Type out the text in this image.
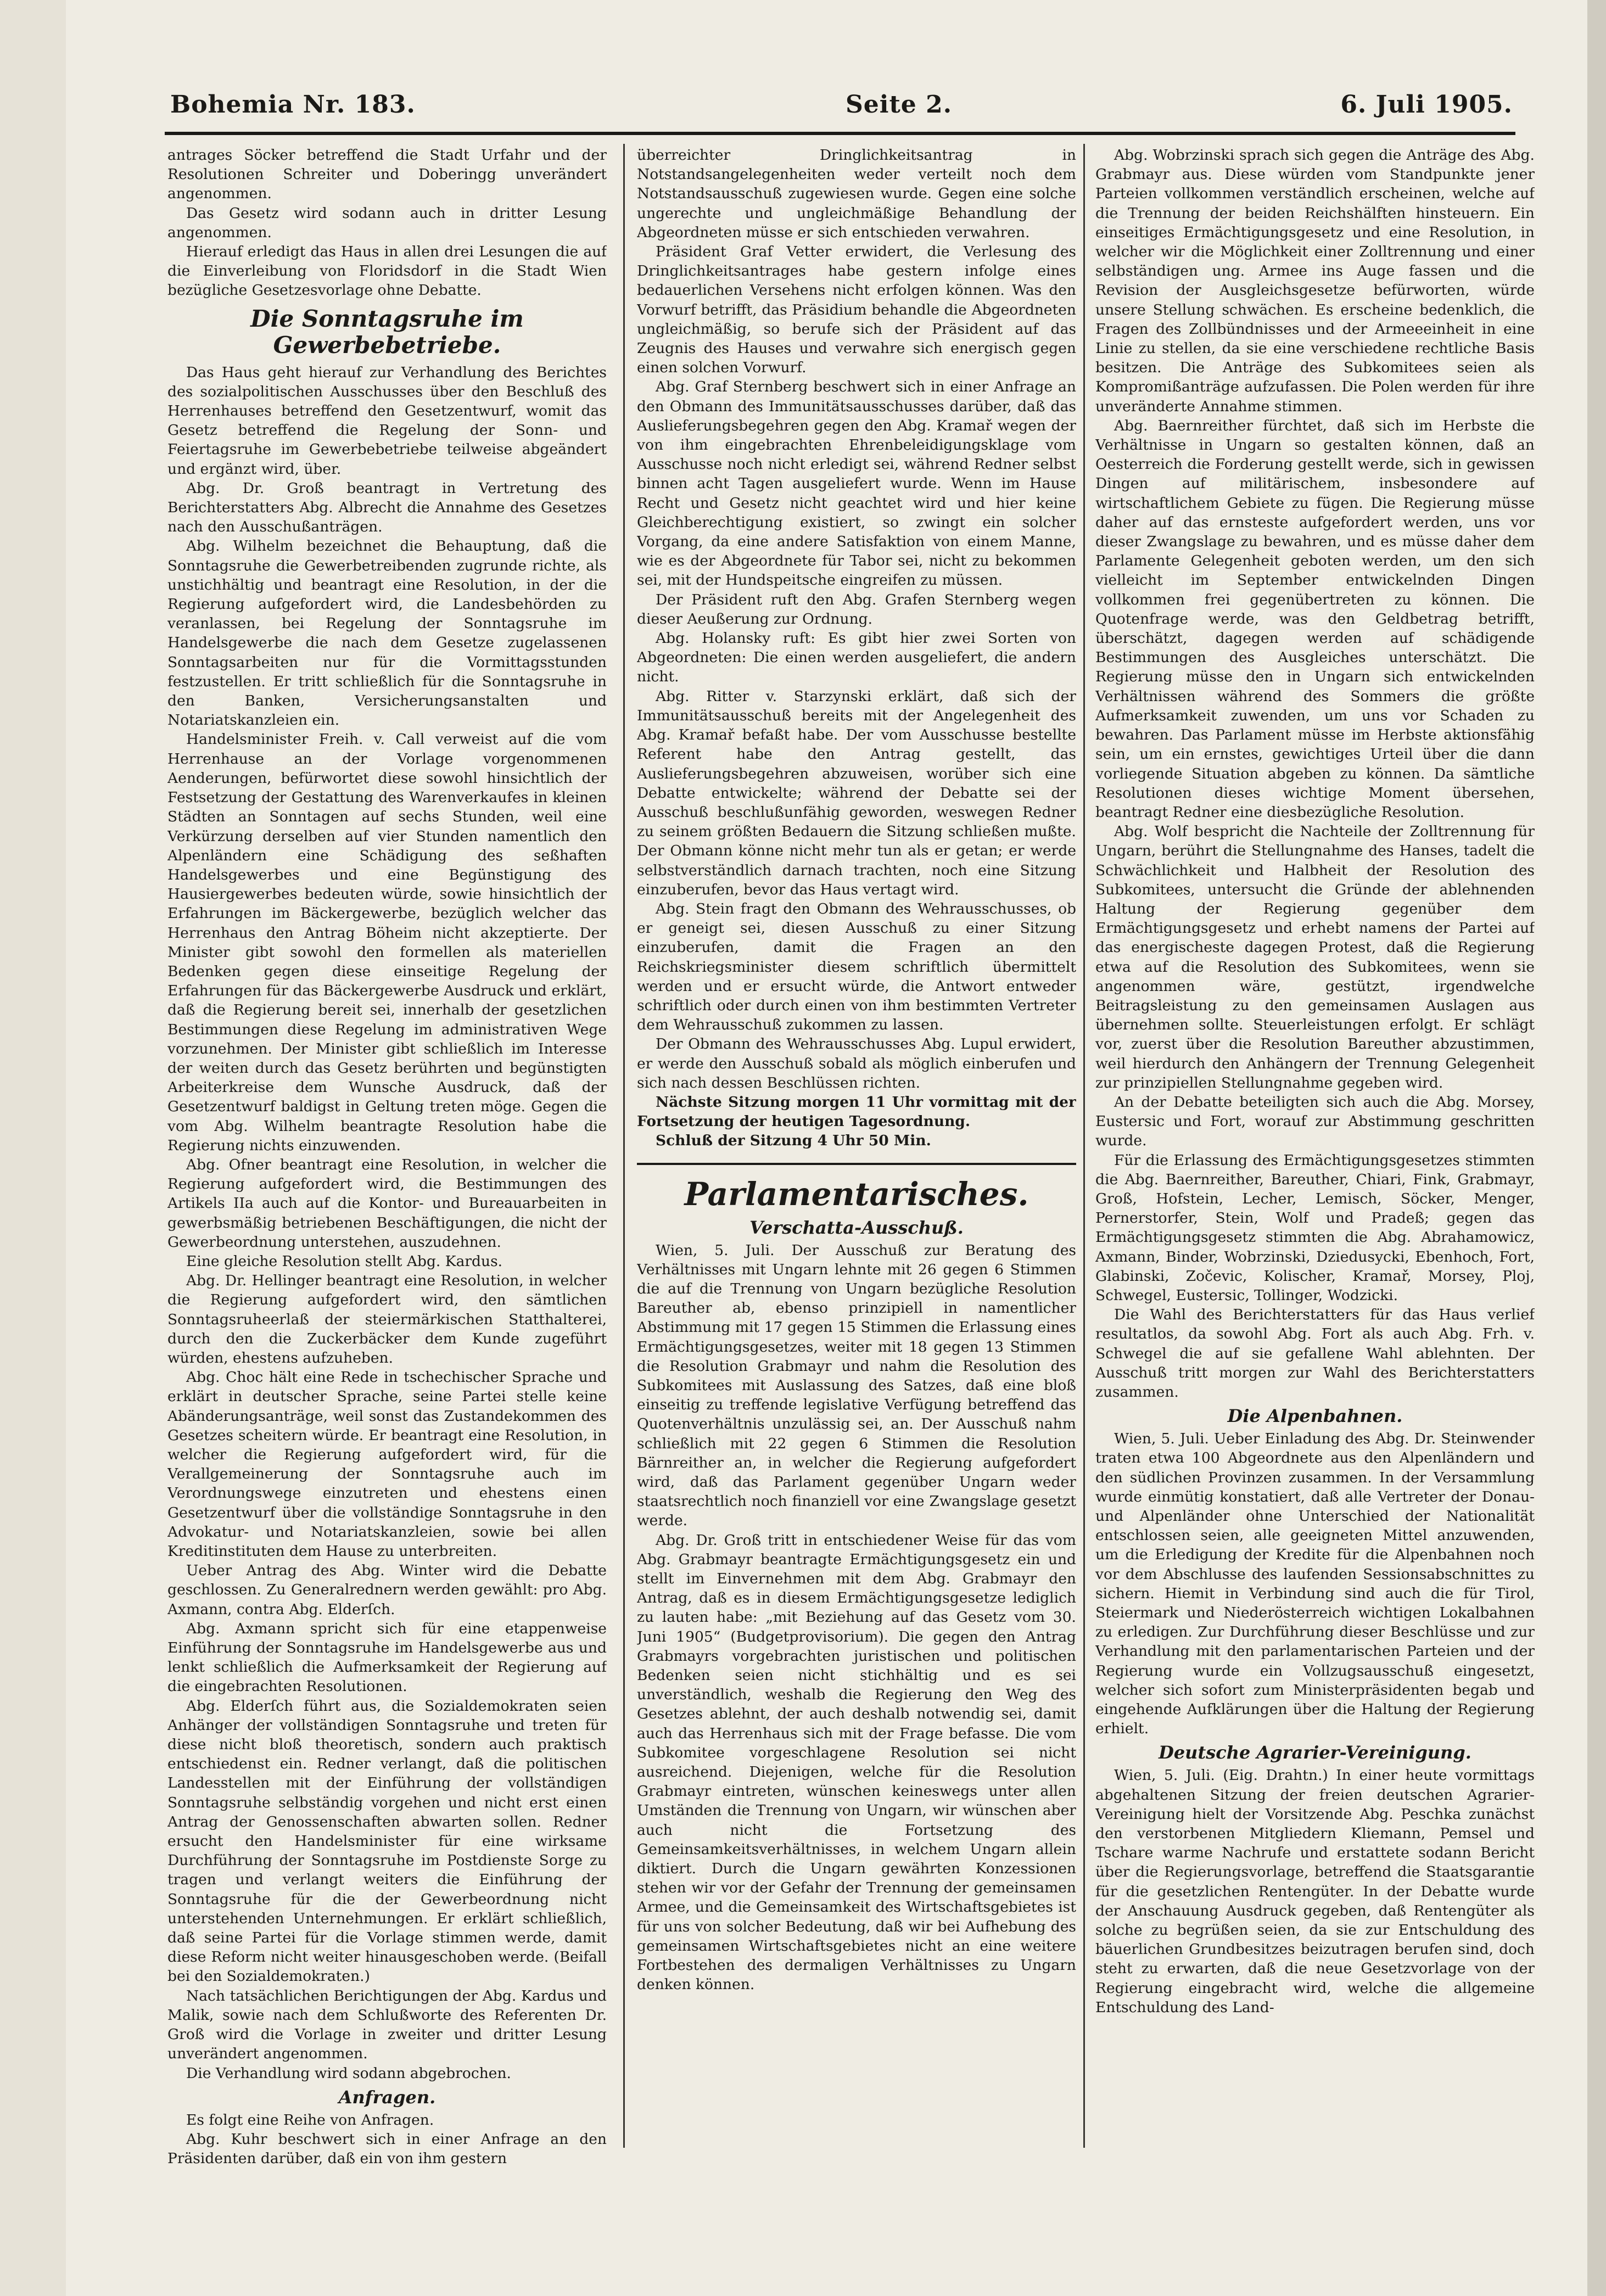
Bohemia Nr. 183.	Seite 2.	6. Juli 1905.

antrages Söcker betreffend die Stadt Urfahr und der Resolutionen Schreiter und Doberingg unverändert angenommen.

Das Gesetz wird sodann auch in dritter Lesung angenommen.

Hierauf erledigt das Haus in allen drei Lesungen die auf die Einverleibung von Floridsdorf in die Stadt Wien bezügliche Gesetzesvorlage ohne Debatte.

Die Sonntagsruhe im Gewerbebetriebe.

Das Haus geht hierauf zur Verhandlung des Berichtes des sozialpolitischen Ausschusses über den Beschluß des Herrenhauses betreffend den Gesetzentwurf, womit das Gesetz betreffend die Regelung der Sonn- und Feiertagsruhe im Gewerbebetriebe teilweise abgeändert und ergänzt wird, über.

Abg. Dr. Groß beantragt in Vertretung des Berichterstatters Abg. Albrecht die Annahme des Gesetzes nach den Ausschußanträgen.

Abg. Wilhelm bezeichnet die Behauptung, daß die Sonntagsruhe die Gewerbetreibenden zugrunde richte, als unstichhältig und beantragt eine Resolution, in der die Regierung aufgefordert wird, die Landesbehörden zu veranlassen, bei Regelung der Sonntagsruhe im Handelsgewerbe die nach dem Gesetze zugelassenen Sonntagsarbeiten nur für die Vormittagsstunden festzustellen. Er tritt schließlich für die Sonntagsruhe in den Banken, Versicherungsanstalten und Notariatskanzleien ein.

Handelsminister Freih. v. Call verweist auf die vom Herrenhause an der Vorlage vorgenommenen Aenderungen, befürwortet diese sowohl hinsichtlich der Festsetzung der Gestattung des Warenverkaufes in kleinen Städten an Sonntagen auf sechs Stunden, weil eine Verkürzung derselben auf vier Stunden namentlich den Alpenländern eine Schädigung des seßhaften Handelsgewerbes und eine Begünstigung des Hausiergewerbes bedeuten würde, sowie hinsichtlich der Erfahrungen im Bäckergewerbe, bezüglich welcher das Herrenhaus den Antrag Böheim nicht akzeptierte. Der Minister gibt sowohl den formellen als materiellen Bedenken gegen diese einseitige Regelung der Erfahrungen für das Bäckergewerbe Ausdruck und erklärt, daß die Regierung bereit sei, innerhalb der gesetzlichen Bestimmungen diese Regelung im administrativen Wege vorzunehmen. Der Minister gibt schließlich im Interesse der weiten durch das Gesetz berührten und begünstigten Arbeiterkreise dem Wunsche Ausdruck, daß der Gesetzentwurf baldigst in Geltung treten möge. Gegen die vom Abg. Wilhelm beantragte Resolution habe die Regierung nichts einzuwenden.

Abg. Ofner beantragt eine Resolution, in welcher die Regierung aufgefordert wird, die Bestimmungen des Artikels IIa auch auf die Kontor- und Bureauarbeiten in gewerbsmäßig betriebenen Beschäftigungen, die nicht der Gewerbeordnung unterstehen, auszudehnen.

Eine gleiche Resolution stellt Abg. Kardus.

Abg. Dr. Hellinger beantragt eine Resolution, in welcher die Regierung aufgefordert wird, den sämtlichen Sonntagsruheerlaß der steiermärkischen Statthalterei, durch den die Zuckerbäcker dem Kunde zugeführt würden, ehestens aufzuheben.

Abg. Choc hält eine Rede in tschechischer Sprache und erklärt in deutscher Sprache, seine Partei stelle keine Abänderungsanträge, weil sonst das Zustandekommen des Gesetzes scheitern würde. Er beantragt eine Resolution, in welcher die Regierung aufgefordert wird, für die Verallgemeinerung der Sonntagsruhe auch im Verordnungswege einzutreten und ehestens einen Gesetzentwurf über die vollständige Sonntagsruhe in den Advokatur- und Notariatskanzleien, sowie bei allen Kreditinstituten dem Hause zu unterbreiten.

Ueber Antrag des Abg. Winter wird die Debatte geschlossen. Zu Generalrednern werden gewählt: pro Abg. Axmann, contra Abg. Elderſch.

Abg. Axmann spricht sich für eine etappenweise Einführung der Sonntagsruhe im Handelsgewerbe aus und lenkt schließlich die Aufmerksamkeit der Regierung auf die eingebrachten Resolutionen.

Abg. Elderſch führt aus, die Sozialdemokraten seien Anhänger der vollständigen Sonntagsruhe und treten für diese nicht bloß theoretisch, sondern auch praktisch entschiedenst ein. Redner verlangt, daß die politischen Landesstellen mit der Einführung der vollständigen Sonntagsruhe selbständig vorgehen und nicht erst einen Antrag der Genossenschaften abwarten sollen. Redner ersucht den Handelsminister für eine wirksame Durchführung der Sonntagsruhe im Postdienste Sorge zu tragen und verlangt weiters die Einführung der Sonntagsruhe für die der Gewerbeordnung nicht unterstehenden Unternehmungen. Er erklärt schließlich, daß seine Partei für die Vorlage stimmen werde, damit diese Reform nicht weiter hinausgeschoben werde. (Beifall bei den Sozialdemokraten.)

Nach tatsächlichen Berichtigungen der Abg. Kardus und Malik, sowie nach dem Schlußworte des Referenten Dr. Groß wird die Vorlage in zweiter und dritter Lesung unverändert angenommen.

Die Verhandlung wird sodann abgebrochen.

Anfragen.

Es folgt eine Reihe von Anfragen.

Abg. Kuhr beschwert sich in einer Anfrage an den Präsidenten darüber, daß ein von ihm gestern

überreichter Dringlichkeitsantrag in Notstandsangelegenheiten weder verteilt noch dem Notstandsausschuß zugewiesen wurde. Gegen eine solche ungerechte und ungleichmäßige Behandlung der Abgeordneten müsse er sich entschieden verwahren.

Präsident Graf Vetter erwidert, die Verlesung des Dringlichkeitsantrages habe gestern infolge eines bedauerlichen Versehens nicht erfolgen können. Was den Vorwurf betrifft, das Präsidium behandle die Abgeordneten ungleichmäßig, so berufe sich der Präsident auf das Zeugnis des Hauses und verwahre sich energisch gegen einen solchen Vorwurf.

Abg. Graf Sternberg beschwert sich in einer Anfrage an den Obmann des Immunitätsausschusses darüber, daß das Auslieferungsbegehren gegen den Abg. Kramař wegen der von ihm eingebrachten Ehrenbeleidigungsklage vom Ausschusse noch nicht erledigt sei, während Redner selbst binnen acht Tagen ausgeliefert wurde. Wenn im Hause Recht und Gesetz nicht geachtet wird und hier keine Gleichberechtigung existiert, so zwingt ein solcher Vorgang, da eine andere Satisfaktion von einem Manne, wie es der Abgeordnete für Tabor sei, nicht zu bekommen sei, mit der Hundspeitsche eingreifen zu müssen.

Der Präsident ruft den Abg. Grafen Sternberg wegen dieser Aeußerung zur Ordnung.

Abg. Holansky ruft: Es gibt hier zwei Sorten von Abgeordneten: Die einen werden ausgeliefert, die andern nicht.

Abg. Ritter v. Starzynski erklärt, daß sich der Immunitätsausschuß bereits mit der Angelegenheit des Abg. Kramař befaßt habe. Der vom Ausschusse bestellte Referent habe den Antrag gestellt, das Auslieferungsbegehren abzuweisen, worüber sich eine Debatte entwickelte; während der Debatte sei der Ausschuß beschlußunfähig geworden, weswegen Redner zu seinem größten Bedauern die Sitzung schließen mußte. Der Obmann könne nicht mehr tun als er getan; er werde selbstverständlich darnach trachten, noch eine Sitzung einzuberufen, bevor das Haus vertagt wird.

Abg. Stein fragt den Obmann des Wehrausschusses, ob er geneigt sei, diesen Ausschuß zu einer Sitzung einzuberufen, damit die Fragen an den Reichskriegsminister diesem schriftlich übermittelt werden und er ersucht würde, die Antwort entweder schriftlich oder durch einen von ihm bestimmten Vertreter dem Wehrausschuß zukommen zu lassen.

Der Obmann des Wehrausschusses Abg. Lupul erwidert, er werde den Ausschuß sobald als möglich einberufen und sich nach dessen Beschlüssen richten.

Nächste Sitzung morgen 11 Uhr vormittag mit der Fortsetzung der heutigen Tagesordnung.

Schluß der Sitzung 4 Uhr 50 Min.

Parlamentarisches.
Verschatta-Ausschuß.

Wien, 5. Juli. Der Ausschuß zur Beratung des Verhältnisses mit Ungarn lehnte mit 26 gegen 6 Stimmen die auf die Trennung von Ungarn bezügliche Resolution Bareuther ab, ebenso prinzipiell in namentlicher Abstimmung mit 17 gegen 15 Stimmen die Erlassung eines Ermächtigungsgesetzes, weiter mit 18 gegen 13 Stimmen die Resolution Grabmayr und nahm die Resolution des Subkomitees mit Auslassung des Satzes, daß eine bloß einseitig zu treffende legislative Verfügung betreffend das Quotenverhältnis unzulässig sei, an. Der Ausschuß nahm schließlich mit 22 gegen 6 Stimmen die Resolution Bärnreither an, in welcher die Regierung aufgefordert wird, daß das Parlament gegenüber Ungarn weder staatsrechtlich noch finanziell vor eine Zwangslage gesetzt werde.

Abg. Dr. Groß tritt in entschiedener Weise für das vom Abg. Grabmayr beantragte Ermächtigungsgesetz ein und stellt im Einvernehmen mit dem Abg. Grabmayr den Antrag, daß es in diesem Ermächtigungsgesetze lediglich zu lauten habe: „mit Beziehung auf das Gesetz vom 30. Juni 1905“ (Budgetprovisorium). Die gegen den Antrag Grabmayrs vorgebrachten juristischen und politischen Bedenken seien nicht stichhältig und es sei unverständlich, weshalb die Regierung den Weg des Gesetzes ablehnt, der auch deshalb notwendig sei, damit auch das Herrenhaus sich mit der Frage befasse. Die vom Subkomitee vorgeschlagene Resolution sei nicht ausreichend. Diejenigen, welche für die Resolution Grabmayr eintreten, wünschen keineswegs unter allen Umständen die Trennung von Ungarn, wir wünschen aber auch nicht die Fortsetzung des Gemeinsamkeitsverhältnisses, in welchem Ungarn allein diktiert. Durch die Ungarn gewährten Konzessionen stehen wir vor der Gefahr der Trennung der gemeinsamen Armee, und die Gemeinsamkeit des Wirtschaftsgebietes ist für uns von solcher Bedeutung, daß wir bei Aufhebung des gemeinsamen Wirtschaftsgebietes nicht an eine weitere Fortbestehen des dermaligen Verhältnisses zu Ungarn denken können.

Abg. Wobrzinski sprach sich gegen die Anträge des Abg. Grabmayr aus. Diese würden vom Standpunkte jener Parteien vollkommen verständlich erscheinen, welche auf die Trennung der beiden Reichshälften hinsteuern. Ein einseitiges Ermächtigungsgesetz und eine Resolution, in welcher wir die Möglichkeit einer Zolltrennung und einer selbständigen ung. Armee ins Auge fassen und die Revision der Ausgleichsgesetze befürworten, würde unsere Stellung schwächen. Es erscheine bedenklich, die Fragen des Zollbündnisses und der Armeeeinheit in eine Linie zu stellen, da sie eine verschiedene rechtliche Basis besitzen. Die Anträge des Subkomitees seien als Kompromißanträge aufzufassen. Die Polen werden für ihre unveränderte Annahme stimmen.

Abg. Baernreither fürchtet, daß sich im Herbste die Verhältnisse in Ungarn so gestalten können, daß an Oesterreich die Forderung gestellt werde, sich in gewissen Dingen auf militärischem, insbesondere auf wirtschaftlichem Gebiete zu fügen. Die Regierung müsse daher auf das ernsteste aufgefordert werden, uns vor dieser Zwangslage zu bewahren, und es müsse daher dem Parlamente Gelegenheit geboten werden, um den sich vielleicht im September entwickelnden Dingen vollkommen frei gegenübertreten zu können. Die Quotenfrage werde, was den Geldbetrag betrifft, überschätzt, dagegen werden auf schädigende Bestimmungen des Ausgleiches unterschätzt. Die Regierung müsse den in Ungarn sich entwickelnden Verhältnissen während des Sommers die größte Aufmerksamkeit zuwenden, um uns vor Schaden zu bewahren. Das Parlament müsse im Herbste aktionsfähig sein, um ein ernstes, gewichtiges Urteil über die dann vorliegende Situation abgeben zu können. Da sämtliche Resolutionen dieses wichtige Moment übersehen, beantragt Redner eine diesbezügliche Resolution.

Abg. Wolf bespricht die Nachteile der Zolltrennung für Ungarn, berührt die Stellungnahme des Hanses, tadelt die Schwächlichkeit und Halbheit der Resolution des Subkomitees, untersucht die Gründe der ablehnenden Haltung der Regierung gegenüber dem Ermächtigungsgesetz und erhebt namens der Partei auf das energischeste dagegen Protest, daß die Regierung etwa auf die Resolution des Subkomitees, wenn sie angenommen wäre, gestützt, irgendwelche Beitragsleistung zu den gemeinsamen Auslagen aus übernehmen sollte. Steuerleistungen erfolgt. Er schlägt vor, zuerst über die Resolution Bareuther abzustimmen, weil hierdurch den Anhängern der Trennung Gelegenheit zur prinzipiellen Stellungnahme gegeben wird.

An der Debatte beteiligten sich auch die Abg. Morsey, Eustersic und Fort, worauf zur Abstimmung geschritten wurde.

Für die Erlassung des Ermächtigungsgesetzes stimmten die Abg. Baernreither, Bareuther, Chiari, Fink, Grabmayr, Groß, Hofstein, Lecher, Lemisch, Söcker, Menger, Pernerstorfer, Stein, Wolf und Pradeß; gegen das Ermächtigungsgesetz stimmten die Abg. Abrahamowicz, Axmann, Binder, Wobrzinski, Dziedusycki, Ebenhoch, Fort, Glabinski, Zočevic, Kolischer, Kramař, Morsey, Ploj, Schwegel, Eustersic, Tollinger, Wodzicki.

Die Wahl des Berichterstatters für das Haus verlief resultatlos, da sowohl Abg. Fort als auch Abg. Frh. v. Schwegel die auf sie gefallene Wahl ablehnten. Der Ausschuß tritt morgen zur Wahl des Berichterstatters zusammen.

Die Alpenbahnen.

Wien, 5. Juli. Ueber Einladung des Abg. Dr. Steinwender traten etwa 100 Abgeordnete aus den Alpenländern und den südlichen Provinzen zusammen. In der Versammlung wurde einmütig konstatiert, daß alle Vertreter der Donau- und Alpenländer ohne Unterschied der Nationalität entschlossen seien, alle geeigneten Mittel anzuwenden, um die Erledigung der Kredite für die Alpenbahnen noch vor dem Abschlusse des laufenden Sessionsabschnittes zu sichern. Hiemit in Verbindung sind auch die für Tirol, Steiermark und Niederösterreich wichtigen Lokalbahnen zu erledigen. Zur Durchführung dieser Beschlüsse und zur Verhandlung mit den parlamentarischen Parteien und der Regierung wurde ein Vollzugsausschuß eingesetzt, welcher sich sofort zum Ministerpräsidenten begab und eingehende Aufklärungen über die Haltung der Regierung erhielt.

Deutsche Agrarier-Vereinigung.

Wien, 5. Juli. (Eig. Drahtn.) In einer heute vormittags abgehaltenen Sitzung der freien deutschen Agrarier-Vereinigung hielt der Vorsitzende Abg. Peschka zunächst den verstorbenen Mitgliedern Kliemann, Pemsel und Tschare warme Nachrufe und erstattete sodann Bericht über die Regierungsvorlage, betreffend die Staatsgarantie für die gesetzlichen Rentengüter. In der Debatte wurde der Anschauung Ausdruck gegeben, daß Rentengüter als solche zu begrüßen seien, da sie zur Entschuldung des bäuerlichen Grundbesitzes beizutragen berufen sind, doch steht zu erwarten, daß die neue Gesetzvorlage von der Regierung eingebracht wird, welche die allgemeine Entschuldung des Land-
